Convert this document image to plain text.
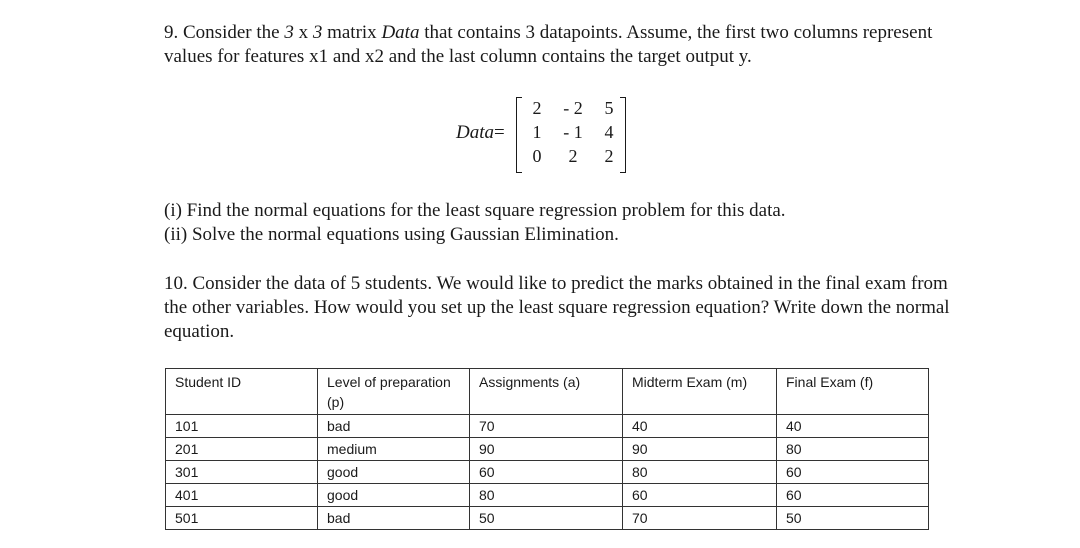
9. Consider the 3 x 3 matrix Data that contains 3 datapoints. Assume, the first two columns represent values for features x1 and x2 and the last column contains the target output y.

Data=
2	- 2	5
1	- 1	4
0	2	2
(i) Find the normal equations for the least square regression problem for this data.
(ii) Solve the normal equations using Gaussian Elimination.

10. Consider the data of 5 students. We would like to predict the marks obtained in the final exam from the other variables. How would you set up the least square regression equation? Write down the normal equation.

Student ID	Level of preparation (p)	Assignments (a)	Midterm Exam (m)	Final Exam (f)
101	bad	70	40	40
201	medium	90	90	80
301	good	60	80	60
401	good	80	60	60
501	bad	50	70	50
